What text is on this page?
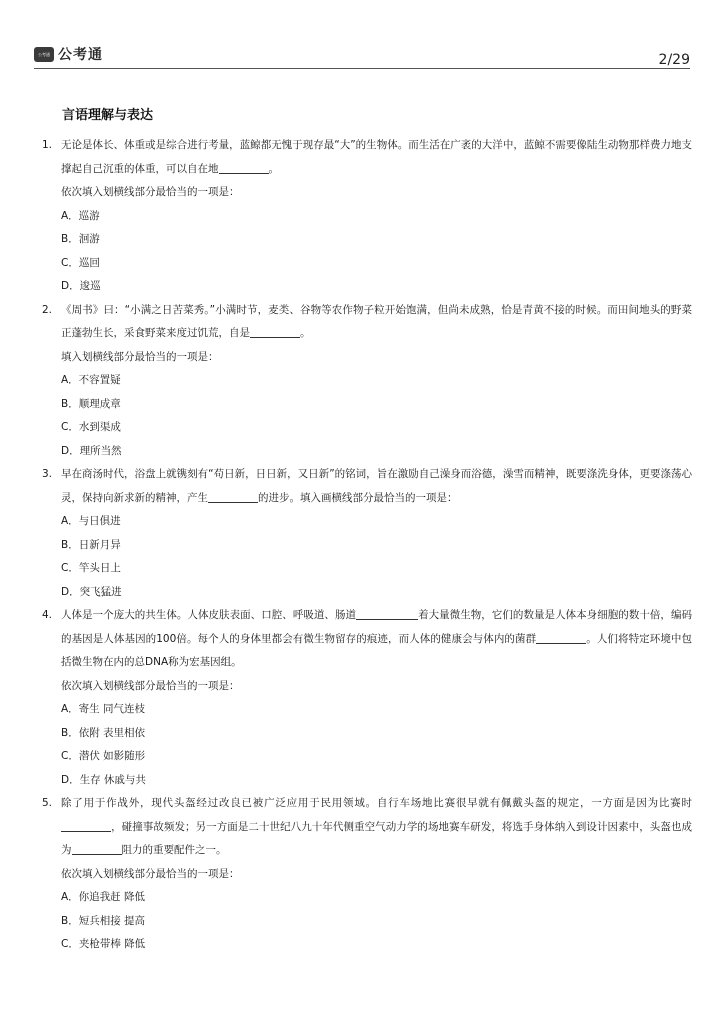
公考通 公考通	2/29
言语理解与表达
1. 无论是体长、体重或是综合进行考量，蓝鲸都无愧于现存最“大”的生物体。而生活在广袤的大洋中，蓝鲸不需要像陆生动物那样费力地支撑起自己沉重的体重，可以自在地	。
依次填入划横线部分最恰当的一项是：
A．巡游
B．洄游
C．巡回
D．逡巡
2. 《周书》曰：“小满之日苦菜秀。”小满时节，麦类、谷物等农作物子粒开始饱满，但尚未成熟，恰是青黄不接的时候。而田间地头的野菜正蓬勃生长，采食野菜来度过饥荒，自是	。
填入划横线部分最恰当的一项是：
A．不容置疑
B．顺理成章
C．水到渠成
D．理所当然
3. 早在商汤时代，浴盘上就镌刻有“苟日新，日日新，又日新”的铭词，旨在激励自己澡身而浴德，澡雪而精神，既要涤洗身体，更要涤荡心灵，保持向新求新的精神，产生	的进步。填入画横线部分最恰当的一项是：
A．与日俱进
B．日新月异
C．竿头日上
D．突飞猛进
4. 人体是一个庞大的共生体。人体皮肤表面、口腔、呼吸道、肠道	着大量微生物，它们的数量是人体本身细胞的数十倍，编码的基因是人体基因的100倍。每个人的身体里都会有微生物留存的痕迹，而人体的健康会与体内的菌群	。人们将特定环境中包括微生物在内的总DNA称为宏基因组。
依次填入划横线部分最恰当的一项是：
A．寄生 同气连枝
B．依附 表里相依
C．潜伏 如影随形
D．生存 休戚与共
5. 除了用于作战外，现代头盔经过改良已被广泛应用于民用领域。自行车场地比赛很早就有佩戴头盔的规定，一方面是因为比赛时，碰撞事故频发；另一方面是二十世纪八九十年代侧重空气动力学的场地赛车研发，将选手身体纳入到设计因素中，头盔也成为	阻力的重要配件之一。
依次填入划横线部分最恰当的一项是：
A．你追我赶 降低
B．短兵相接 提高
C．夹枪带棒 降低
